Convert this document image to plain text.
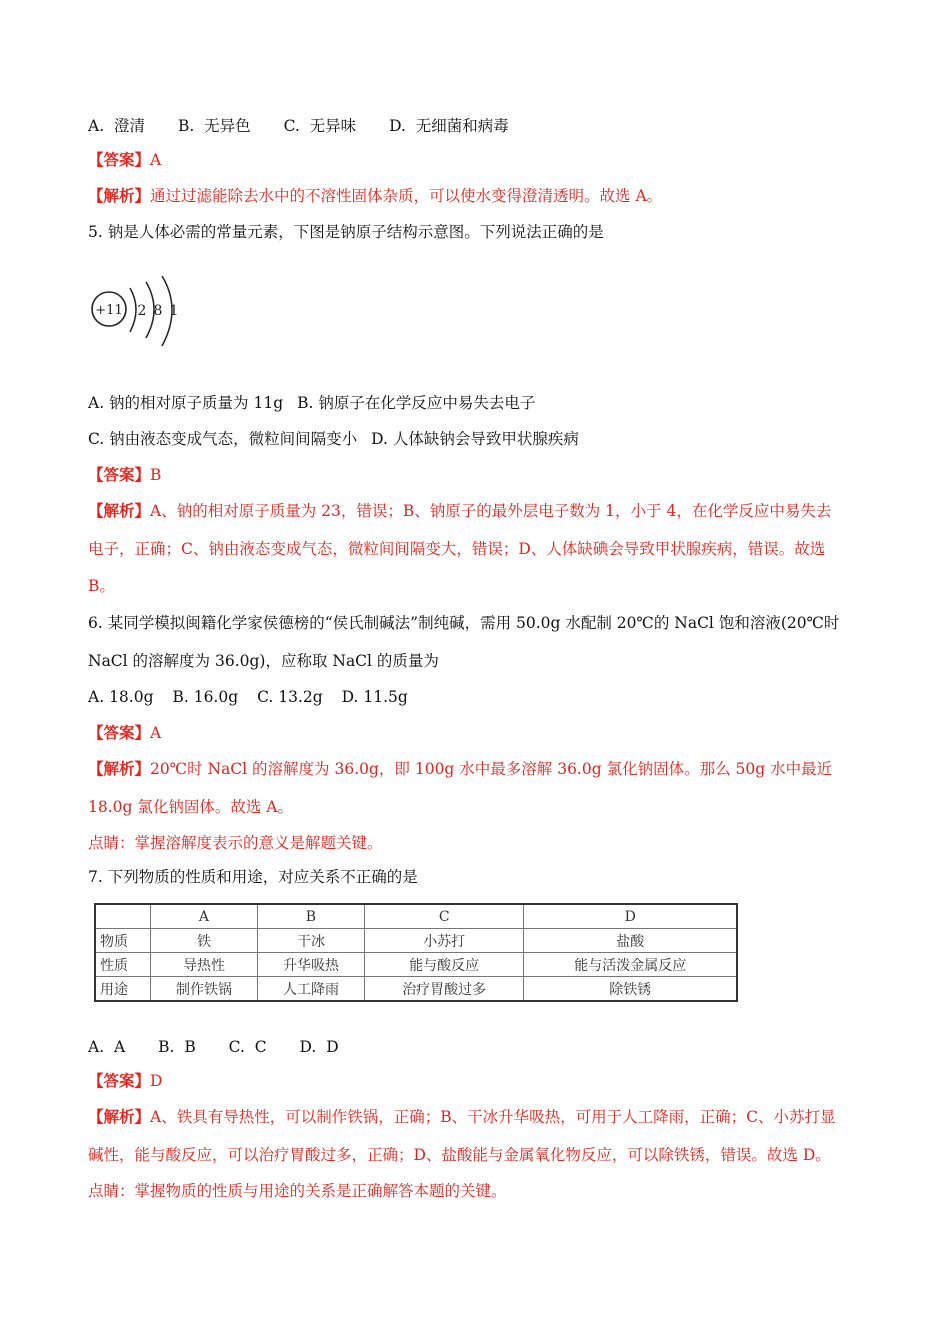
A. 澄清 B. 无异色 C. 无异味 D. 无细菌和病毒
【答案】A
【解析】通过过滤能除去水中的不溶性固体杂质，可以使水变得澄清透明。故选 A。
5. 钠是人体必需的常量元素，下图是钠原子结构示意图。下列说法正确的是
+11 2 8 1
A. 钠的相对原子质量为 11g B. 钠原子在化学反应中易失去电子
C. 钠由液态变成气态，微粒间间隔变小 D. 人体缺钠会导致甲状腺疾病
【答案】B
【解析】A、钠的相对原子质量为 23，错误；B、钠原子的最外层电子数为 1，小于 4，在化学反应中易失去
电子，正确；C、钠由液态变成气态，微粒间间隔变大，错误；D、人体缺碘会导致甲状腺疾病，错误。故选
B。
6. 某同学模拟闽籍化学家侯德榜的“侯氏制碱法”制纯碱，需用 50.0g 水配制 20℃的 NaCl 饱和溶液(20℃时
NaCl 的溶解度为 36.0g)，应称取 NaCl 的质量为
A. 18.0g B. 16.0g C. 13.2g D. 11.5g
【答案】A
【解析】20℃时 NaCl 的溶解度为 36.0g，即 100g 水中最多溶解 36.0g 氯化钠固体。那么 50g 水中最近
18.0g 氯化钠固体。故选 A。
点睛：掌握溶解度表示的意义是解题关键。
7. 下列物质的性质和用途，对应关系不正确的是
	A	B	C	D
物质	铁	干冰	小苏打	盐酸
性质	导热性	升华吸热	能与酸反应	能与活泼金属反应
用途	制作铁锅	人工降雨	治疗胃酸过多	除铁锈
A. A B. B C. C D. D
【答案】D
【解析】A、铁具有导热性，可以制作铁锅，正确；B、干冰升华吸热，可用于人工降雨，正确；C、小苏打显
碱性，能与酸反应，可以治疗胃酸过多，正确；D、盐酸能与金属氧化物反应，可以除铁锈，错误。故选 D。
点睛：掌握物质的性质与用途的关系是正确解答本题的关键。
